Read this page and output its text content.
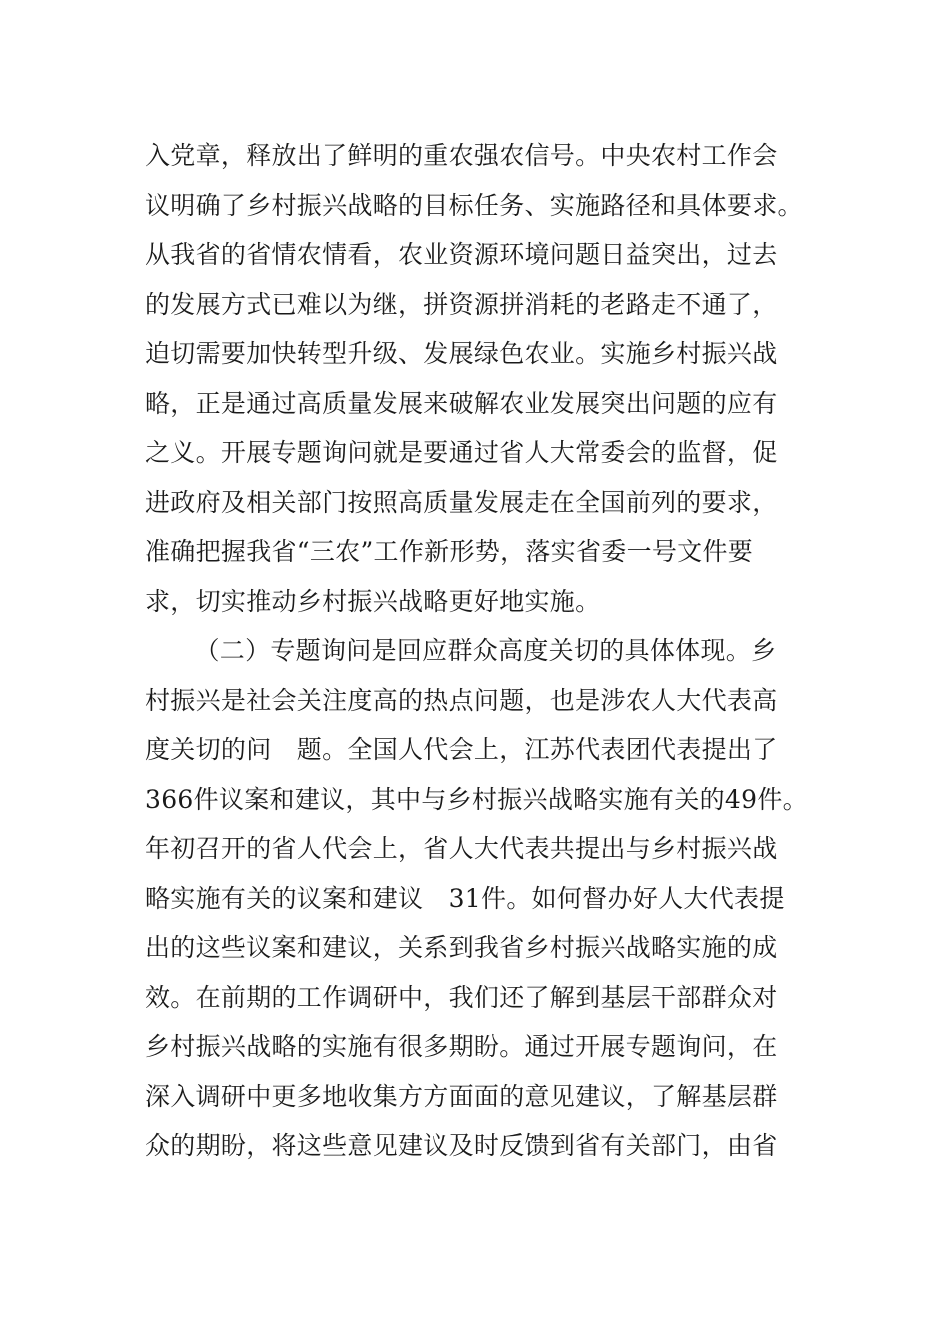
入党章，释放出了鲜明的重农强农信号。中央农村工作会
议明确了乡村振兴战略的目标任务、实施路径和具体要求。
从我省的省情农情看，农业资源环境问题日益突出，过去
的发展方式已难以为继，拼资源拼消耗的老路走不通了，
迫切需要加快转型升级、发展绿色农业。实施乡村振兴战
略，正是通过高质量发展来破解农业发展突出问题的应有
之义。开展专题询问就是要通过省人大常委会的监督，促
进政府及相关部门按照高质量发展走在全国前列的要求，
准确把握我省“三农”工作新形势，落实省委一号文件要
求，切实推动乡村振兴战略更好地实施。
（二）专题询问是回应群众高度关切的具体体现。乡
村振兴是社会关注度高的热点问题，也是涉农人大代表高
度关切的问　题。全国人代会上，江苏代表团代表提出了
366件议案和建议，其中与乡村振兴战略实施有关的49件。
年初召开的省人代会上，省人大代表共提出与乡村振兴战
略实施有关的议案和建议　31件。如何督办好人大代表提
出的这些议案和建议，关系到我省乡村振兴战略实施的成
效。在前期的工作调研中，我们还了解到基层干部群众对
乡村振兴战略的实施有很多期盼。通过开展专题询问，在
深入调研中更多地收集方方面面的意见建议，了解基层群
众的期盼，将这些意见建议及时反馈到省有关部门，由省
